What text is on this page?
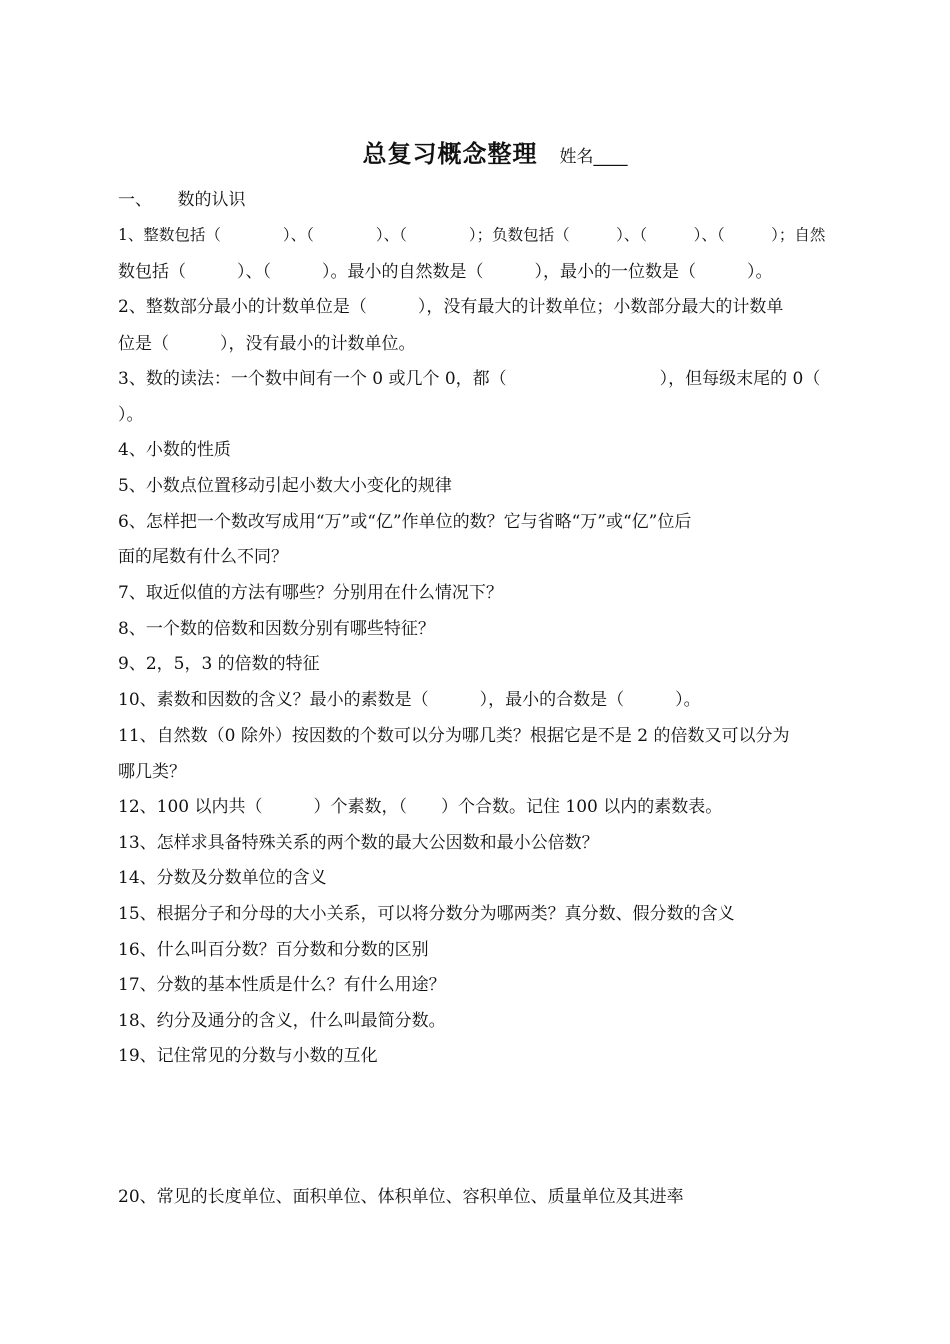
总复习概念整理 姓名____
一、　　数的认识
1、整数包括（　　　　）、（　　　　）、（　　　　）；负数包括（　　　）、（　　　）、（　　　）；自然
数包括（　　　）、（　　　）。最小的自然数是（　　　），最小的一位数是（　　　）。
2、整数部分最小的计数单位是（　　　），没有最大的计数单位；小数部分最大的计数单
位是（　　　），没有最小的计数单位。
3、数的读法：一个数中间有一个 0 或几个 0，都（　　　　　　　　　），但每级末尾的 0（
）。
4、小数的性质
5、小数点位置移动引起小数大小变化的规律
6、怎样把一个数改写成用“万”或“亿”作单位的数？它与省略“万”或“亿”位后
面的尾数有什么不同？
7、取近似值的方法有哪些？分别用在什么情况下？
8、一个数的倍数和因数分别有哪些特征？
9、2，5，3 的倍数的特征
10、素数和因数的含义？最小的素数是（　　　），最小的合数是（　　　）。
11、自然数（0 除外）按因数的个数可以分为哪几类？根据它是不是 2 的倍数又可以分为
哪几类？
12、100 以内共（　　　）个素数，（　　）个合数。记住 100 以内的素数表。
13、怎样求具备特殊关系的两个数的最大公因数和最小公倍数？
14、分数及分数单位的含义
15、根据分子和分母的大小关系，可以将分数分为哪两类？真分数、假分数的含义
16、什么叫百分数？百分数和分数的区别
17、分数的基本性质是什么？有什么用途？
18、约分及通分的含义，什么叫最简分数。
19、记住常见的分数与小数的互化
20、常见的长度单位、面积单位、体积单位、容积单位、质量单位及其进率
